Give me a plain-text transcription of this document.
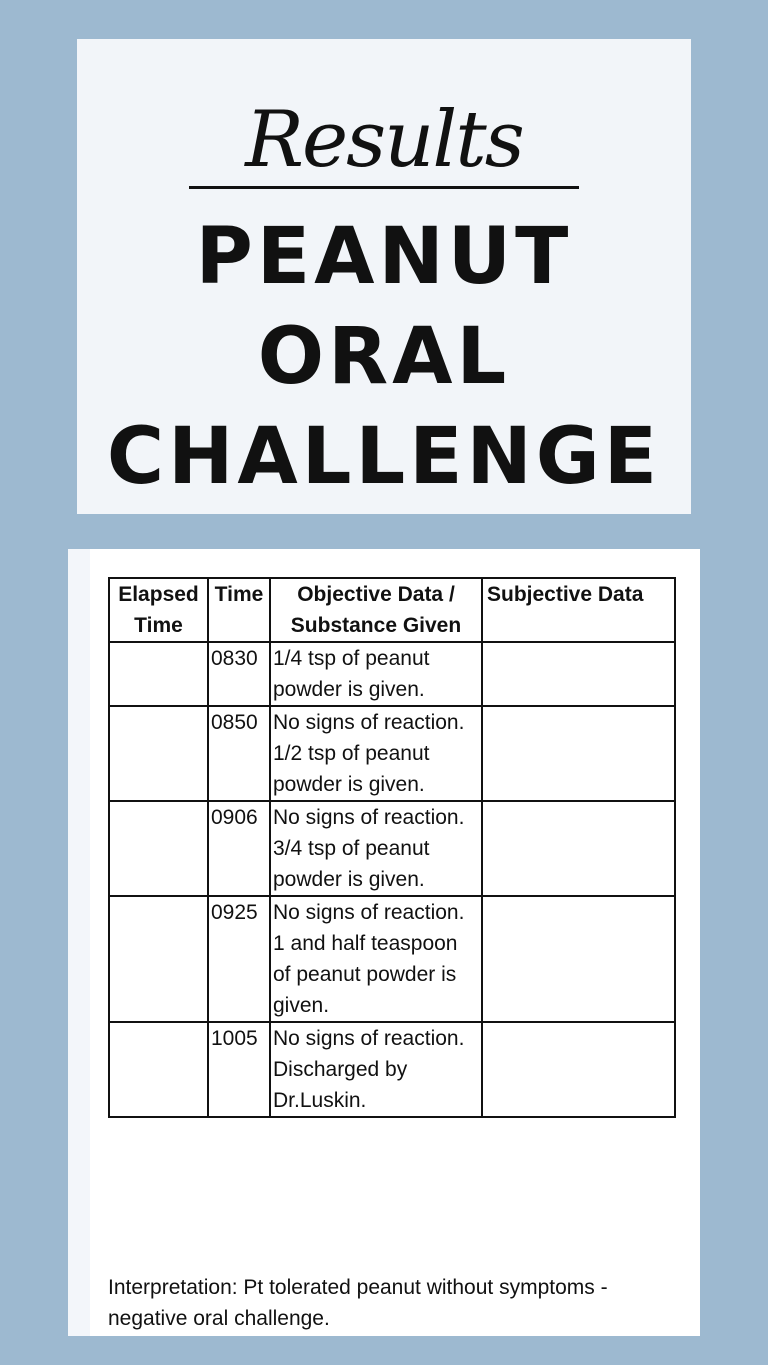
Results
PEANUT
ORAL
CHALLENGE
Elapsed Time	Time	Objective Data / Substance Given	Subjective Data
	0830	1/4 tsp of peanut powder is given.	
	0850	No signs of reaction. 1/2 tsp of peanut powder is given.	
	0906	No signs of reaction. 3/4 tsp of peanut powder is given.	
	0925	No signs of reaction. 1 and half teaspoon of peanut powder is given.	
	1005	No signs of reaction. Discharged by Dr.Luskin.	
Interpretation: Pt tolerated peanut without symptoms - negative oral challenge.
